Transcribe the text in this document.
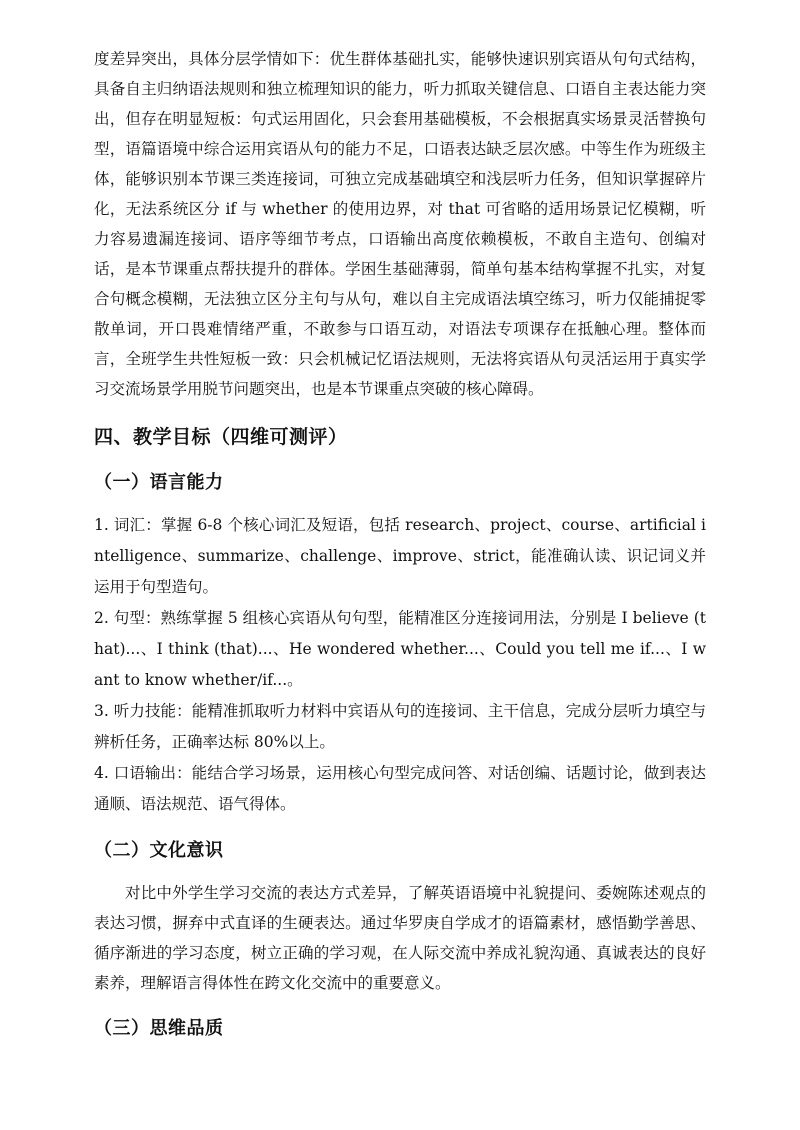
度差异突出，具体分层学情如下：优生群体基础扎实，能够快速识别宾语从句句式结构，具备自主归纳语法规则和独立梳理知识的能力，听力抓取关键信息、口语自主表达能力突出，但存在明显短板：句式运用固化，只会套用基础模板，不会根据真实场景灵活替换句型，语篇语境中综合运用宾语从句的能力不足，口语表达缺乏层次感。中等生作为班级主体，能够识别本节课三类连接词，可独立完成基础填空和浅层听力任务，但知识掌握碎片化，无法系统区分 if 与 whether 的使用边界，对 that 可省略的适用场景记忆模糊，听力容易遗漏连接词、语序等细节考点，口语输出高度依赖模板，不敢自主造句、创编对话，是本节课重点帮扶提升的群体。学困生基础薄弱，简单句基本结构掌握不扎实，对复合句概念模糊，无法独立区分主句与从句，难以自主完成语法填空练习，听力仅能捕捉零散单词，开口畏难情绪严重，不敢参与口语互动，对语法专项课存在抵触心理。整体而言，全班学生共性短板一致：只会机械记忆语法规则，无法将宾语从句灵活运用于真实学习交流场景学用脱节问题突出，也是本节课重点突破的核心障碍。

四、教学目标（四维可测评）
（一）语言能力

1. 词汇：掌握 6-8 个核心词汇及短语，包括 research、project、course、artificial intelligence、summarize、challenge、improve、strict，能准确认读、识记词义并运用于句型造句。

2. 句型：熟练掌握 5 组核心宾语从句句型，能精准区分连接词用法，分别是 I believe (that)...、I think (that)...、He wondered whether...、Could you tell me if...、I want to know whether/if...。

3. 听力技能：能精准抓取听力材料中宾语从句的连接词、主干信息，完成分层听力填空与辨析任务，正确率达标 80%以上。

4. 口语输出：能结合学习场景，运用核心句型完成问答、对话创编、话题讨论，做到表达通顺、语法规范、语气得体。

（二）文化意识

对比中外学生学习交流的表达方式差异，了解英语语境中礼貌提问、委婉陈述观点的表达习惯，摒弃中式直译的生硬表达。通过华罗庚自学成才的语篇素材，感悟勤学善思、循序渐进的学习态度，树立正确的学习观，在人际交流中养成礼貌沟通、真诚表达的良好素养，理解语言得体性在跨文化交流中的重要意义。

（三）思维品质
